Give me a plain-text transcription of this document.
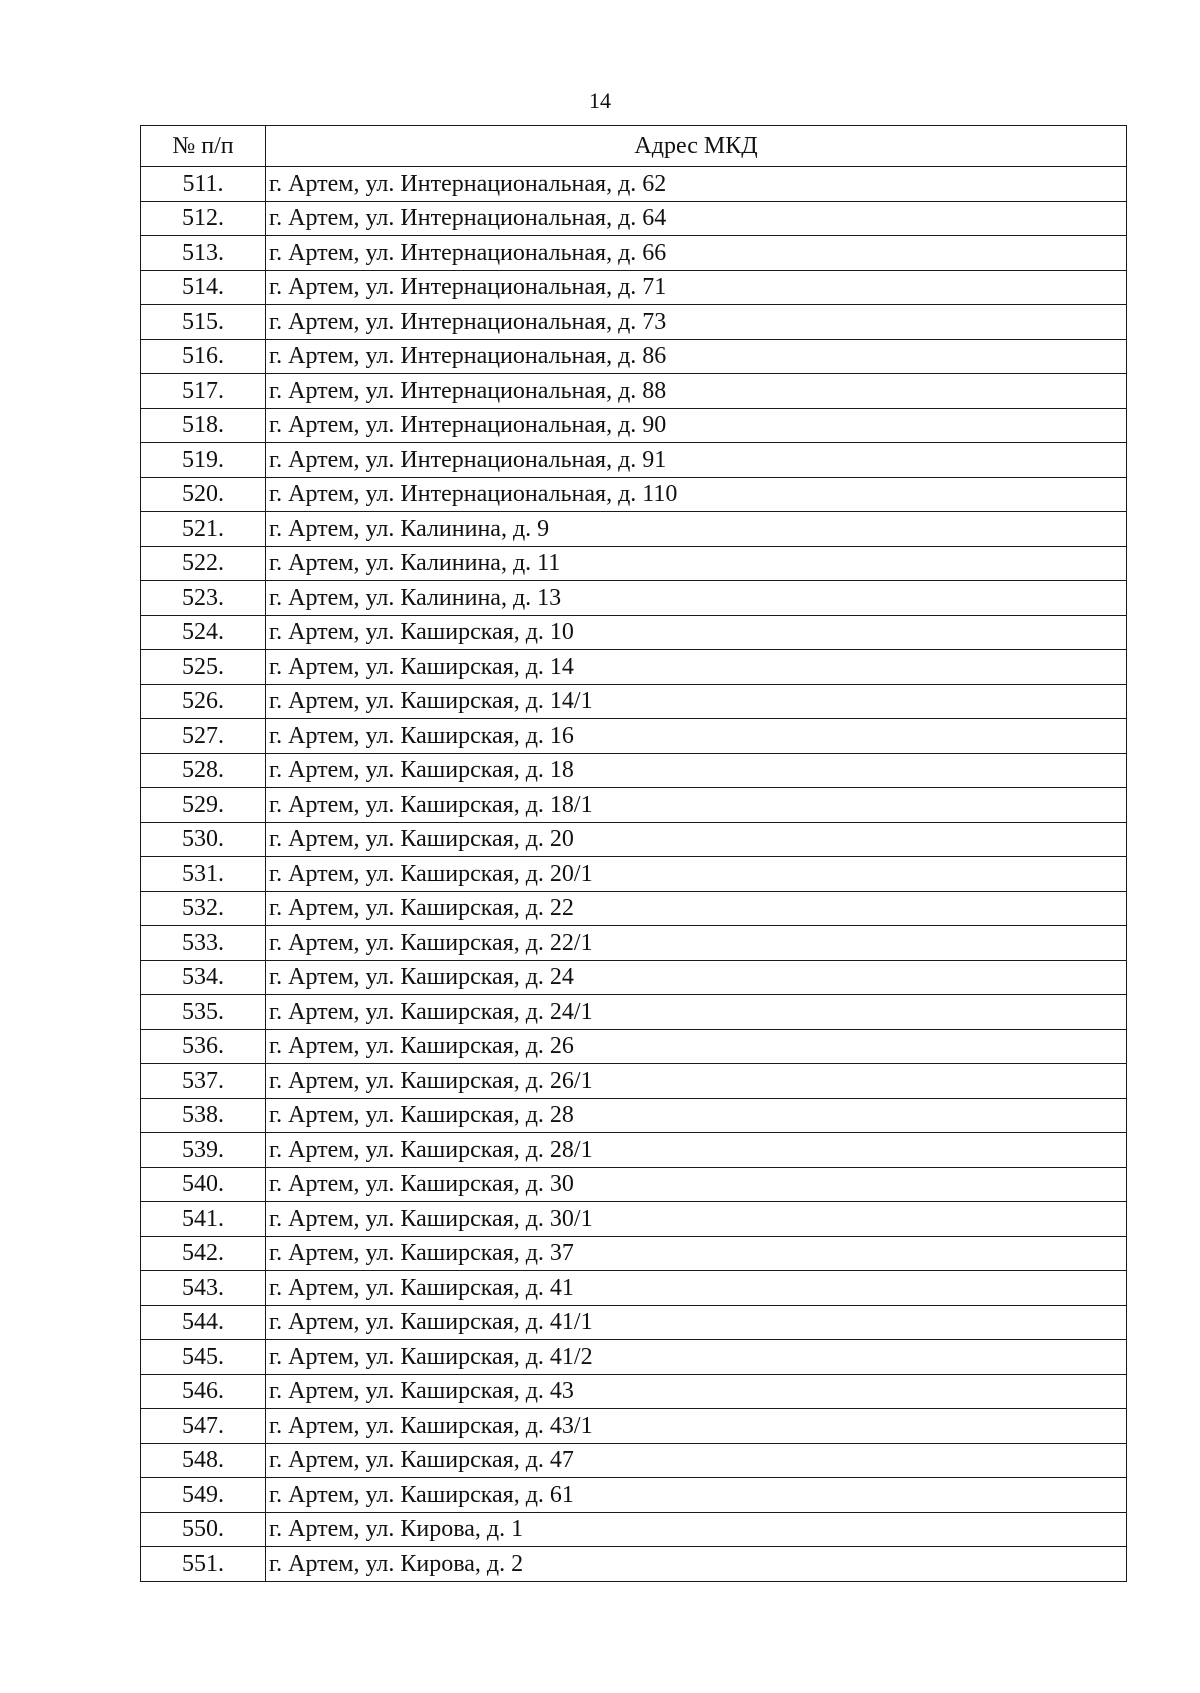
14
№ п/п	Адрес МКД
511.	г. Артем, ул. Интернациональная, д. 62
512.	г. Артем, ул. Интернациональная, д. 64
513.	г. Артем, ул. Интернациональная, д. 66
514.	г. Артем, ул. Интернациональная, д. 71
515.	г. Артем, ул. Интернациональная, д. 73
516.	г. Артем, ул. Интернациональная, д. 86
517.	г. Артем, ул. Интернациональная, д. 88
518.	г. Артем, ул. Интернациональная, д. 90
519.	г. Артем, ул. Интернациональная, д. 91
520.	г. Артем, ул. Интернациональная, д. 110
521.	г. Артем, ул. Калинина, д. 9
522.	г. Артем, ул. Калинина, д. 11
523.	г. Артем, ул. Калинина, д. 13
524.	г. Артем, ул. Каширская, д. 10
525.	г. Артем, ул. Каширская, д. 14
526.	г. Артем, ул. Каширская, д. 14/1
527.	г. Артем, ул. Каширская, д. 16
528.	г. Артем, ул. Каширская, д. 18
529.	г. Артем, ул. Каширская, д. 18/1
530.	г. Артем, ул. Каширская, д. 20
531.	г. Артем, ул. Каширская, д. 20/1
532.	г. Артем, ул. Каширская, д. 22
533.	г. Артем, ул. Каширская, д. 22/1
534.	г. Артем, ул. Каширская, д. 24
535.	г. Артем, ул. Каширская, д. 24/1
536.	г. Артем, ул. Каширская, д. 26
537.	г. Артем, ул. Каширская, д. 26/1
538.	г. Артем, ул. Каширская, д. 28
539.	г. Артем, ул. Каширская, д. 28/1
540.	г. Артем, ул. Каширская, д. 30
541.	г. Артем, ул. Каширская, д. 30/1
542.	г. Артем, ул. Каширская, д. 37
543.	г. Артем, ул. Каширская, д. 41
544.	г. Артем, ул. Каширская, д. 41/1
545.	г. Артем, ул. Каширская, д. 41/2
546.	г. Артем, ул. Каширская, д. 43
547.	г. Артем, ул. Каширская, д. 43/1
548.	г. Артем, ул. Каширская, д. 47
549.	г. Артем, ул. Каширская, д. 61
550.	г. Артем, ул. Кирова, д. 1
551.	г. Артем, ул. Кирова, д. 2
